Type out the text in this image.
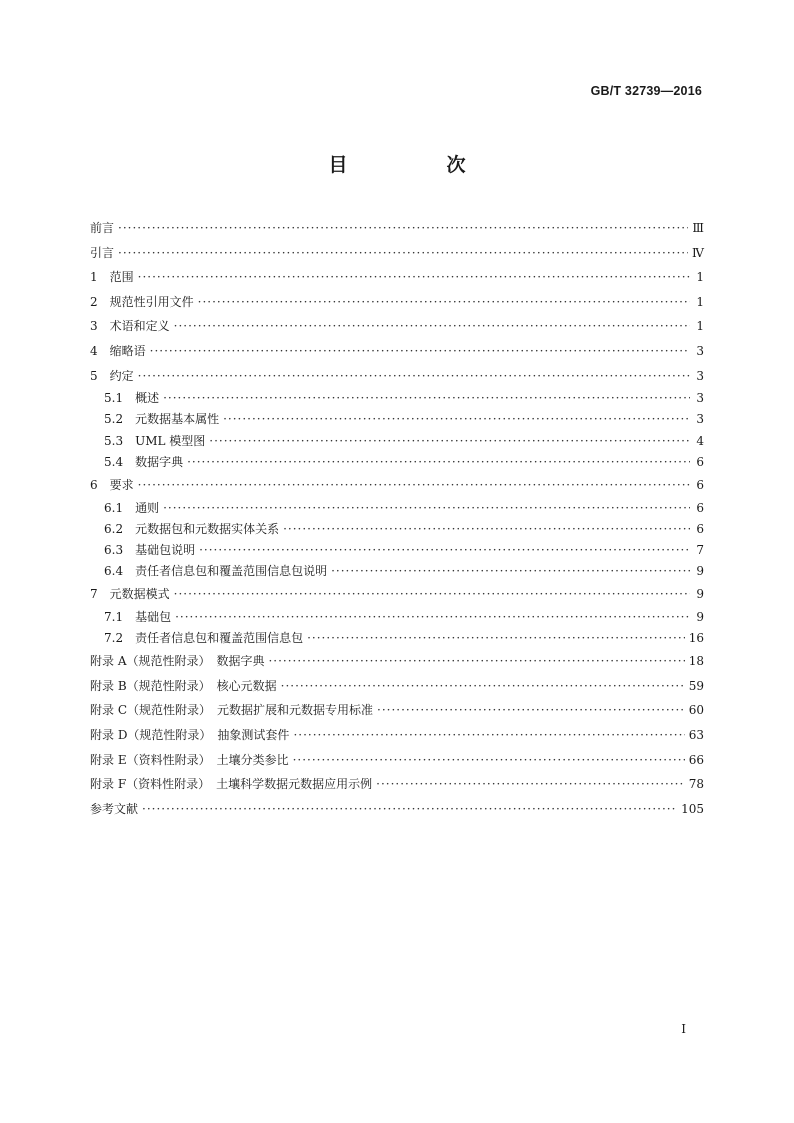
GB/T 32739—2016
目　次
前言 ·····	Ⅲ
引言 ·····	Ⅳ
1 范围 ·····	1
2 规范性引用文件 ·····	1
3 术语和定义 ·····	1
4 缩略语 ·····	3
5 约定 ·····	3
5.1 概述 ·····	3
5.2 元数据基本属性 ·····	3
5.3 UML 模型图 ·····	4
5.4 数据字典 ·····	6
6 要求 ·····	6
6.1 通则 ·····	6
6.2 元数据包和元数据实体关系 ·····	6
6.3 基础包说明 ·····	7
6.4 责任者信息包和覆盖范围信息包说明 ·····	9
7 元数据模式 ·····	9
7.1 基础包 ·····	9
7.2 责任者信息包和覆盖范围信息包 ·····	16
附录 A（规范性附录）　数据字典 ·····	18
附录 B（规范性附录）　核心元数据 ·····	59
附录 C（规范性附录）　元数据扩展和元数据专用标准 ·····	60
附录 D（规范性附录）　抽象测试套件 ·····	63
附录 E（资料性附录）　土壤分类参比 ·····	66
附录 F（资料性附录）　土壤科学数据元数据应用示例 ·····	78
参考文献 ·····	105
Ⅰ
